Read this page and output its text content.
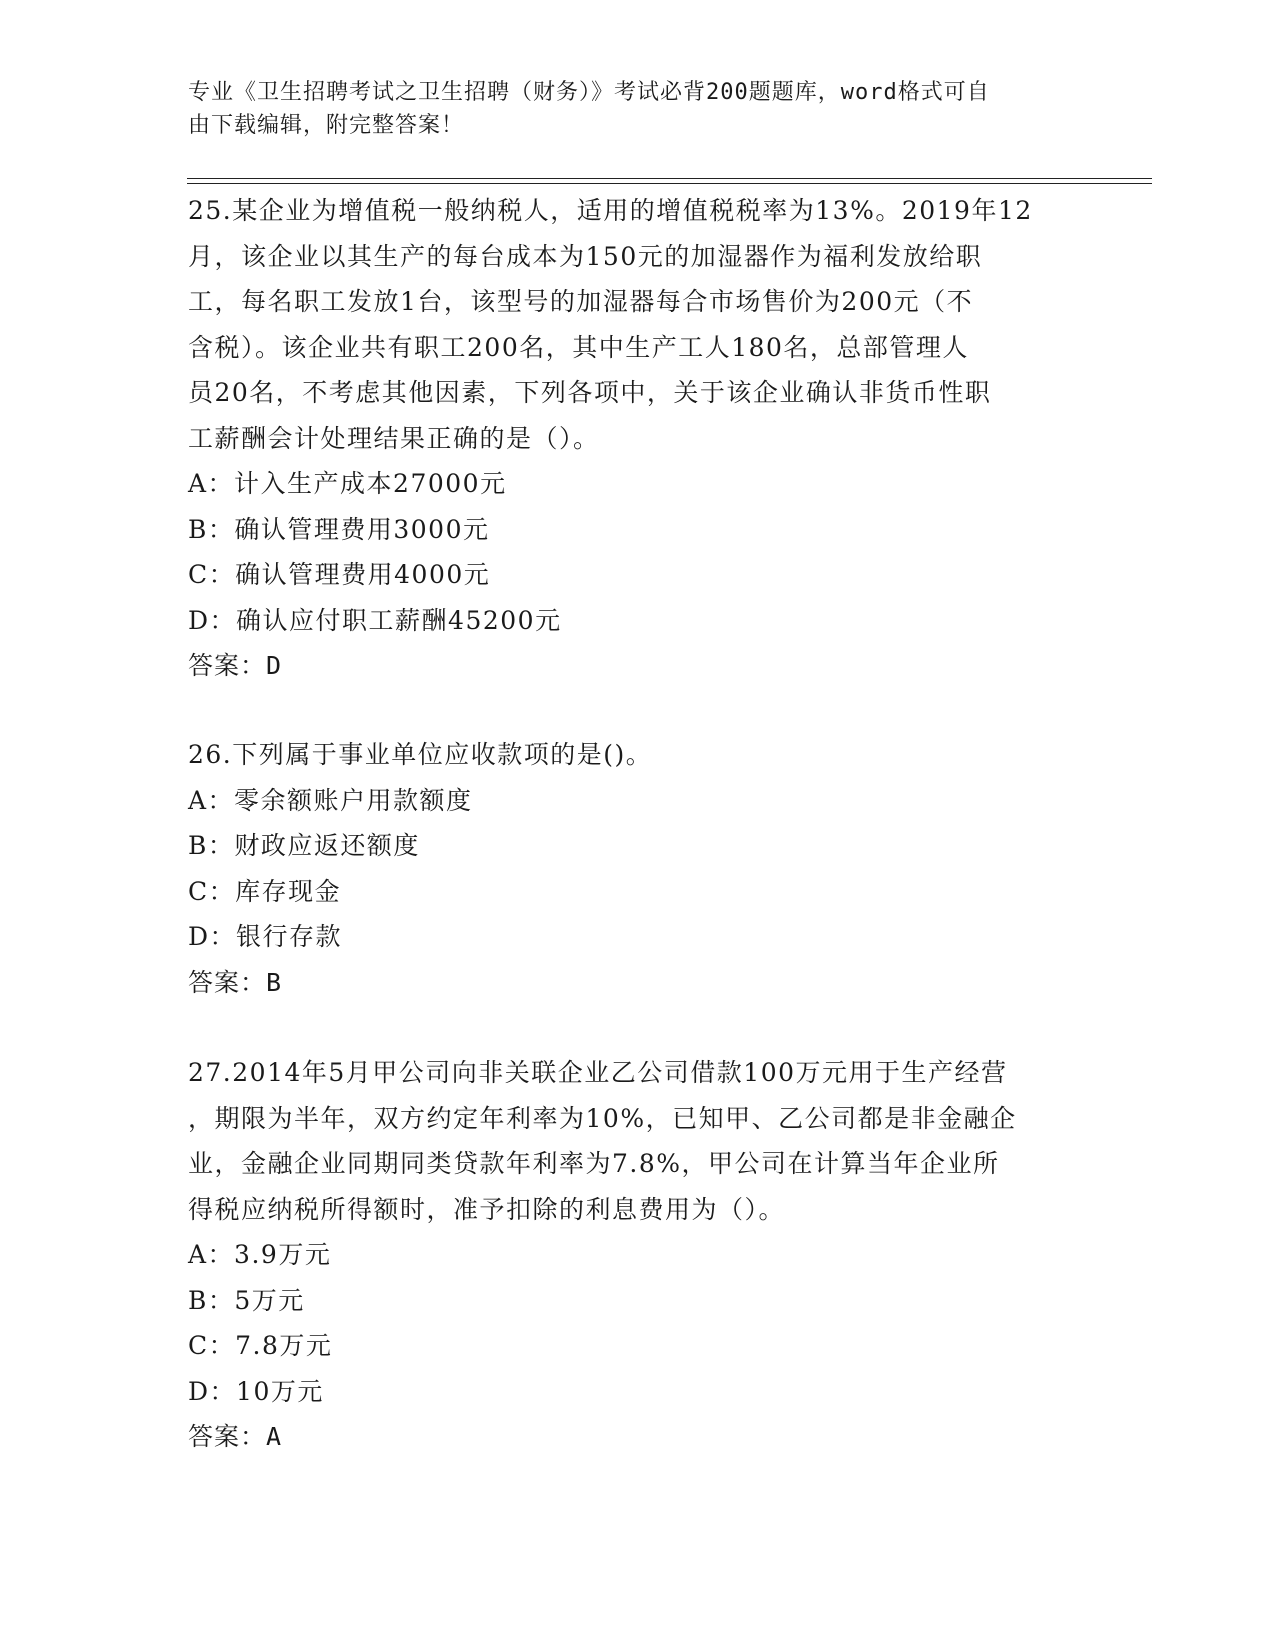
专业《卫生招聘考试之卫生招聘（财务）》考试必背200题题库，word格式可自
由下载编辑，附完整答案！
25.某企业为增值税一般纳税人，适用的增值税税率为13%。2019年12
月，该企业以其生产的每台成本为150元的加湿器作为福利发放给职
工，每名职工发放1台，该型号的加湿器每合市场售价为200元（不
含税）。该企业共有职工200名，其中生产工人180名，总部管理人
员20名，不考虑其他因素，下列各项中，关于该企业确认非货币性职
工薪酬会计处理结果正确的是（）。
A：计入生产成本27000元
B：确认管理费用3000元
C：确认管理费用4000元
D：确认应付职工薪酬45200元
答案：D
26.下列属于事业单位应收款项的是()。
A：零余额账户用款额度
B：财政应返还额度
C：库存现金
D：银行存款
答案：B
27.2014年5月甲公司向非关联企业乙公司借款100万元用于生产经营
，期限为半年，双方约定年利率为10%，已知甲、乙公司都是非金融企
业，金融企业同期同类贷款年利率为7.8%，甲公司在计算当年企业所
得税应纳税所得额时，准予扣除的利息费用为（）。
A：3.9万元
B：5万元
C：7.8万元
D：10万元
答案：A
